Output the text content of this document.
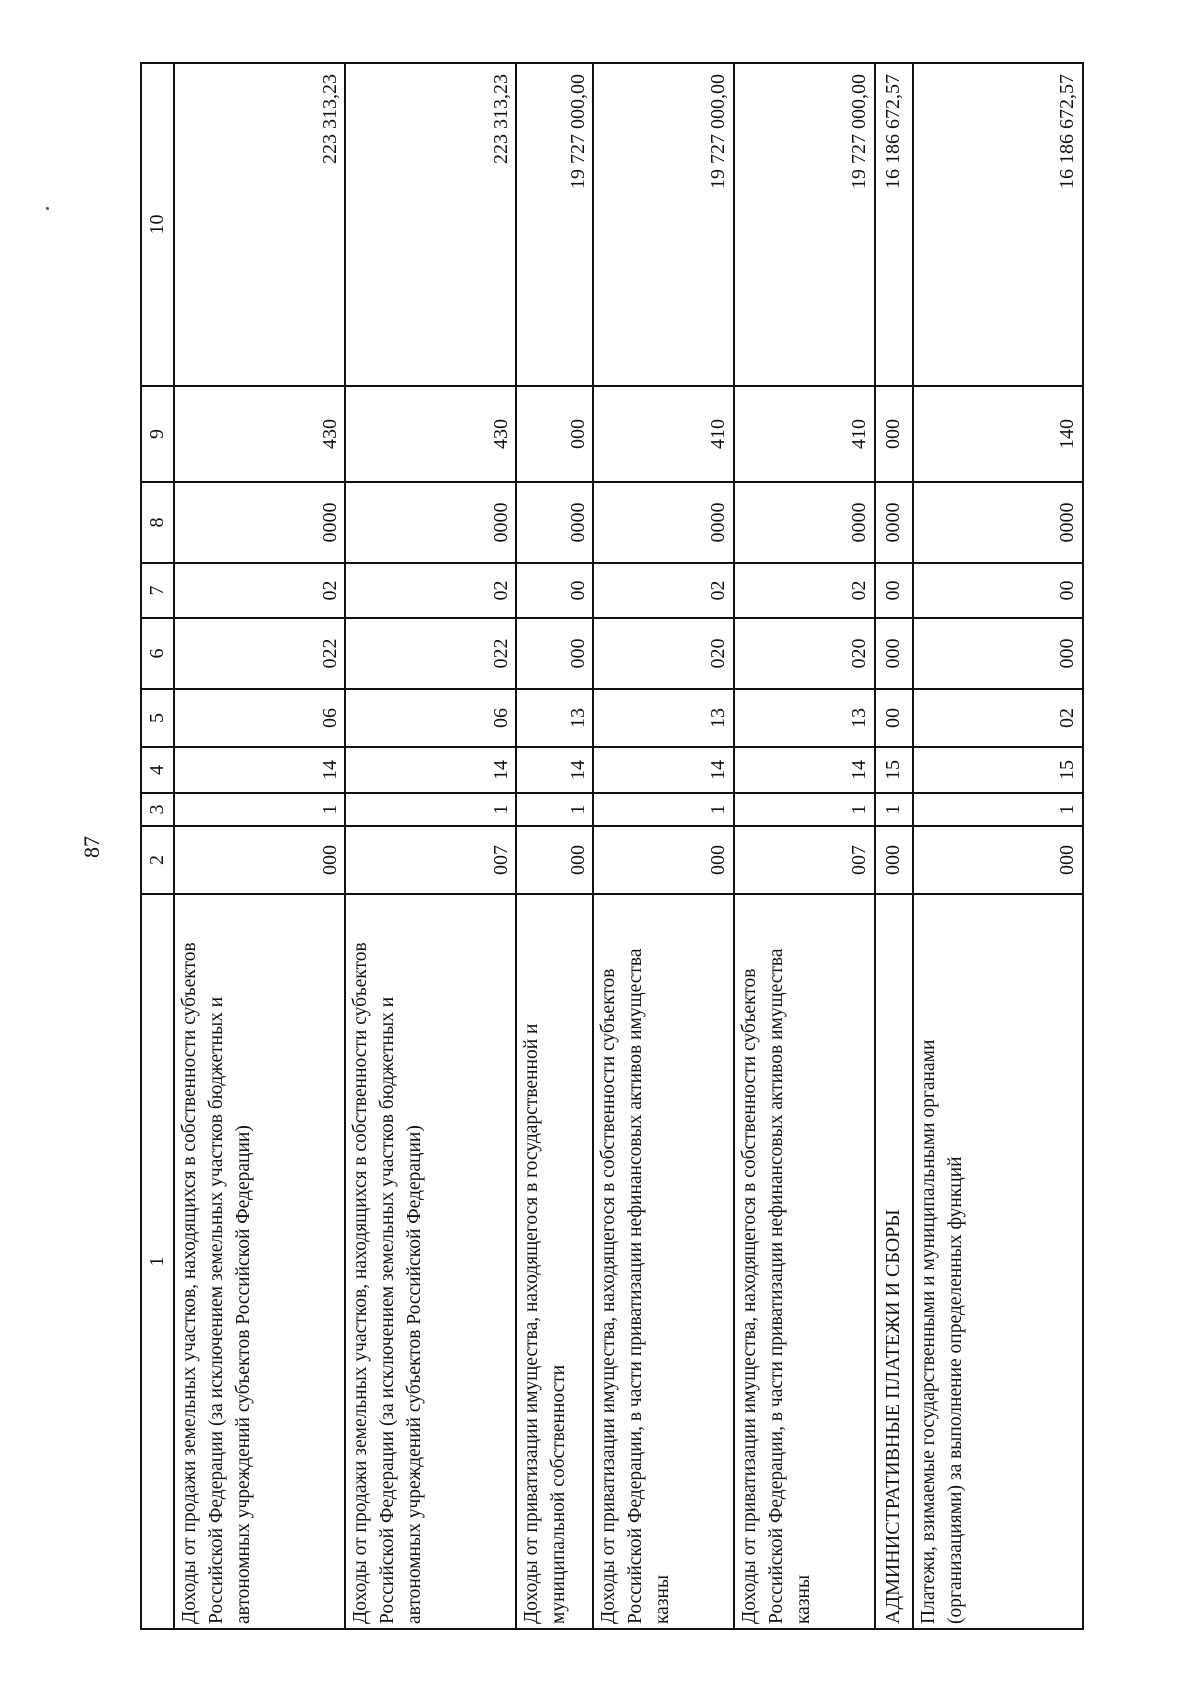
87
1	2	3	4	5	6	7	8	9	10
Доходы от продажи земельных участков, находящихся в собственности субъектов Российской Федерации (за исключением земельных участков бюджетных и автономных учреждений субъектов Российской Федерации)	000	1	14	06	022	02	0000	430	223 313,23
Доходы от продажи земельных участков, находящихся в собственности субъектов Российской Федерации (за исключением земельных участков бюджетных и автономных учреждений субъектов Российской Федерации)	007	1	14	06	022	02	0000	430	223 313,23
Доходы от приватизации имущества, находящегося в государственной и муниципальной собственности	000	1	14	13	000	00	0000	000	19 727 000,00
Доходы от приватизации имущества, находящегося в собственности субъектов Российской Федерации, в части приватизации нефинансовых активов имущества казны	000	1	14	13	020	02	0000	410	19 727 000,00
Доходы от приватизации имущества, находящегося в собственности субъектов Российской Федерации, в части приватизации нефинансовых активов имущества казны	007	1	14	13	020	02	0000	410	19 727 000,00
АДМИНИСТРАТИВНЫЕ ПЛАТЕЖИ И СБОРЫ	000	1	15	00	000	00	0000	000	16 186 672,57
Платежи, взимаемые государственными и муниципальными органами (организациями) за выполнение определенных функций	000	1	15	02	000	00	0000	140	16 186 672,57
